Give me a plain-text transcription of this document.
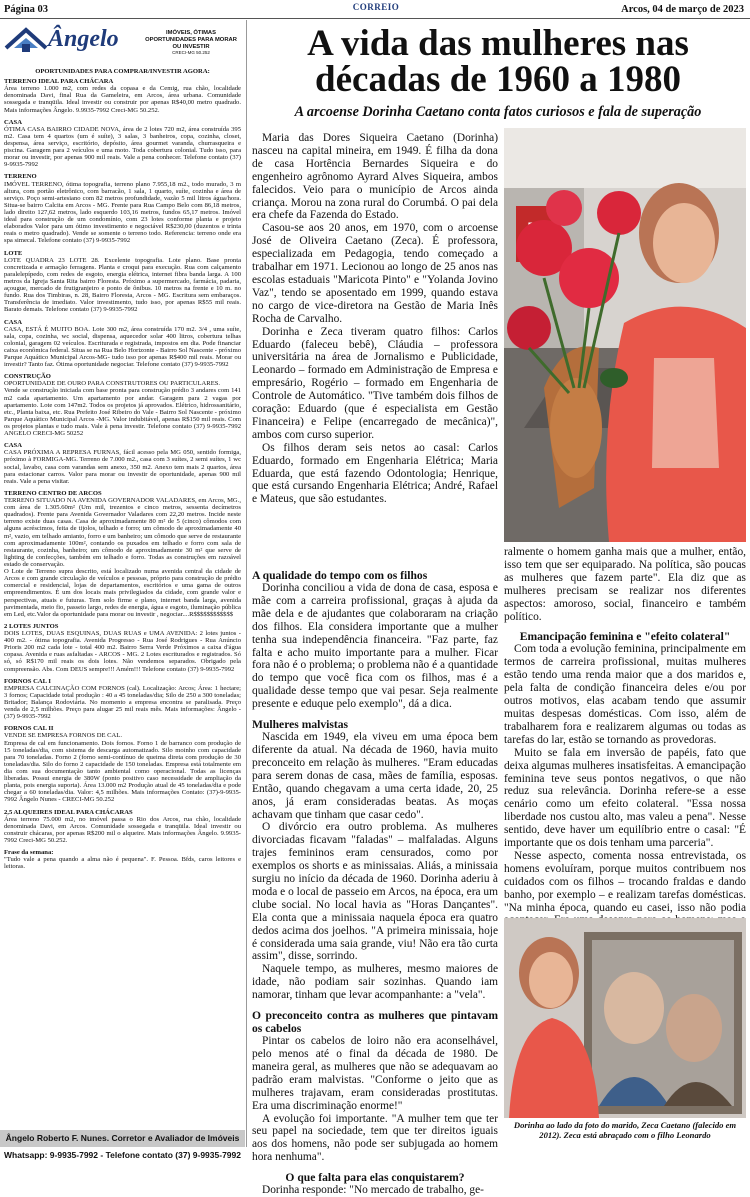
Página 03	CORREIO	Arcos, 04 de março de 2023
Ângelo	IMÓVEIS, ÓTIMAS OPORTUNIDADES PARA MORAR OU INVESTIR
CRECI-MG 50.252
OPORTUNIDADES PARA COMPRAR/INVESTIR AGORA:

TERRENO IDEAL PARA CHÁCARA

Área terreno 1.000 m2, com redes da copasa e da Cemig, rua chão, localidade denominada Davi, final Rua da Gameleira, em Arcos, área urbana. Comunidade sossegada e tranqüila. Ideal investir ou construir por apenas R$40,00 metro quadrado. Mais informações Ângelo. 9.9935-7992 Creci-MG 50.252.

CASA

ÓTIMA CASA BAIRRO CIDADE NOVA, área de 2 lotes 720 m2, área construída 395 m2. Casa tem 4 quartos (um é suíte), 3 salas, 3 banheiros, copa, cozinha, closet, despensa, área serviço, escritório, depósito, área gourmet varanda, churrasqueira e piscina. Garagem para 2 veículos e uma moto. Toda cobertura colonial. Tudo isso, para morar ou investir, por apenas 900 mil reais. Vale a pena conhecer. Telefone contato (37) 9-9935-7992

TERRENO

IMÓVEL TERRENO, ótima topografia, terreno plano 7.955,18 m2., todo murado, 3 m altura, com portão eletrônico, com barracão, 1 sala, 1 quarto, suíte, cozinha e área de serviço. Poço semi-artesiano com 82 metros profundidade, vazão 5 mil litros água/hora. Situa-se bairro Calcita em Arcos - MG. Frente para Rua Campo Belo com 86,18 metros, lado direito 127,62 metros, lado esquerdo 103,16 metros, fundos 65,17 metros. Imóvel ideal para construção de um condomínio, com 23 lotes conforme planta e projeto elaborados Valor para um ótimo investimento e negociável R$230,00 (duzentos e trinta reais o metro quadrado). Vende se somente o terreno todo. Referencia: terreno onde era spa simecal. Telefone contato (37) 9-9935-7992

LOTE

LOTE QUADRA 23 LOTE 28. Excelente topografia. Lote plano. Base pronta concretizada e armação ferragens. Planta e croqui para execução. Rua com calçamento paralelepípedo, com redes de esgoto, energia elétrica, internet fibra banda larga. A 100 metros da Igreja Santa Rita bairro Floresta. Próximo a supermercado, farmácia, padaria, açougue, mercado de frutigranjeiro e ponto de ônibus. 10 metros na frente e 10 m. no fundo. Rua dos Timbiras, n. 28, Bairro Floresta, Arcos - MG. Escritura sem embaraços. Transferência de imediato. Valor investimento, tudo isso, por apenas R$55 mil reais. Barato demais. Telefone contato (37) 9-9935-7992

CASA

CASA, ESTÁ É MUITO BOA. Lote 300 m2, área construída 170 m2. 3/4 , uma suíte, sala, copa, cozinha, wc social, dispensa, aquecedor solar 400 litros, cobertura telhas colonial, garagem 02 veículos. Escriturada e registrada, impostos em dia. Pode financiar caixa econômica federal. Situa se na Rua Belo Horizonte - Bairro Sol Nascente - próximo Parque Aquático Municipal Arcos-MG- tudo isso por apenas R$400 mil reais. Morar ou investir? Tanto faz. Ótima oportunidade negociar. Telefone contato (37) 9-9935-7992

CONSTRUÇÃO

OPORTUNIDADE DE OURO PARA CONSTRUTORES OU PARTICULARES.

Vende se construção iniciada com base pronta para construção prédio 3 andares com 141 m2 cada apartamento. Um apartamento por andar. Garagem para 2 vagas por apartamento. Lote com 147m2. Todos os projetos já aprovados. Elétrico, hidrossanitário, etc., Planta baixa, etc. Rua Prefeito José Ribeiro do Vale - Bairro Sol Nascente - próximo Parque Aquático Municipal Arcos -MG. Valor indubitável, apenas R$150 mil reais. Com os projetos plantas e tudo mais. Vale à pena investir. Telefone contato (37) 9-9935-7992 ANGELO CRECI-MG 50252

CASA

CASA PRÓXIMA A REPRESA FURNAS, fácil acesso pela MG 050, sentido formiga, próximo à FORMIGA-MG. Terreno de 7.000 m2., casa com 3 suítes, 2 semi suítes, 1 wc social, lavabo, casa com varandas sem anexo, 350 m2. Anexo tem mais 2 quartos, área para estacionar carros. Valor para morar ou investir de oportunidade, apenas 900 mil reais. Vale a pena visitar.

TERRENO CENTRO DE ARCOS

TERRENO SITUADO NA AVENIDA GOVERNADOR VALADARES, em Arcos, MG., com área de 1.305.60m² (Um mil, trezentos e cinco metros, sessenta decímetros quadrados). Frente para Avenida Governador Valadares com 22,20 metros. Incide neste terreno existe duas casas. Casa de aproximadamente 80 m² de 5 (cinco) cômodos com alguns acréscimos, feita de tijolos, telhado e forro; um cômodo de aproximadamente 40 m², vazio, em telhado amianto, forro e um banheiro; um cômodo que serve de restaurante com aproximadamente 100m², contando os puxados em telhado e forro com sala de restaurante, cozinha, banheiro; um cômodo de aproximadamente 30 m² que serve de lighting de confecções, também em telhado e forro. Todas as construções em razoável estado de conservação.

O Lote de Terreno supra descrito, está localizado numa avenida central da cidade de Arcos e com grande circulação de veículos e pessoas, próprio para construção de prédio comercial e residencial, lojas de departamentos, escritórios e uma gama de outros empreendimentos. É um dos locais mais privilegiados da cidade, com grande valor e perspectivas, atuais e futuras. Tem solo firme e plano, internet banda larga, avenida pavimentada, meio fio, passeio largo, redes de energia, água e esgoto, iluminação pública em Led, etc.Valor da oportunidade para morar ou investir , negociar....R$$$$$$$$$$$$

2 LOTES JUNTOS

DOIS LOTES, DUAS ESQUINAS, DUAS RUAS e UMA AVENIDA: 2 lotes juntos - 400 m2. - ótima topografia. Avenida Progresso - Rua José Rodrigues - Rua Anúncio Prioris 200 m2 cada lote - total 400 m2. Bairro Serra Verde Próximos a caixa d'água copasa. Avenida e ruas asfaltadas - ARCOS - MG. 2 Lotes escriturados e registrados. Só só, só R$170 mil reais os dois lotes. Não vendemos separados. Obrigado pela compreensão. Abs. Com DEUS sempre!!! Amém!!! Telefone contato (37) 9-9935-7992

FORNOS CAL I

EMPRESA CALCINAÇÃO COM FORNOS (cal). Localização: Arcos; Área: 1 hectare; 3 fornos; Capacidade total produção : 40 a 45 toneladas/dia; Silo de 250 a 300 toneladas; Britador; Balança Rodoviária. No momento a empresa encontra se paralisada. Preço venda de 2,5 milhões. Preço para alugar 25 mil reais mês. Mais informações: Ângelo - (37) 9-9935-7992

FORNOS CAL II

VENDE SE EMPRESA FORNOS DE CAL.

Empresa de cal em funcionamento. Dois fornos. Forno 1 de barranco com produção de 15 toneladas/dia, com sistema de descarga automatizado. Silo moinho com capacidade para 70 toneladas. Forno 2 (forno semi-contínuo de queima direta com produção de 30 toneladas/dia. Silo do forno 2 capacidade de 150 toneladas. Empresa está totalmente em dia com sua documentação tanto ambiental como operacional. Todas as licenças liberadas. Possui energia de 380W (ponto positivo caso necessidade de ampliação da planta, pois energia suporta). Área 13.000 m2 Produção atual de 45 toneladas/dia e pode chegar a 60 toneladas/dia. Valor: 4,5 milhões. Mais informações Contato: (37)-9-9935-7992 Ângelo Nunes - CRECI-MG 50.252

2,5 ALQUEIRES IDEAL PARA CHÁCARAS

Área terreno 75.000 m2, no imóvel passa o Rio dos Arcos, rua chão, localidade denominada Davi, em Arcos. Comunidade sossegada e tranqüila. Ideal investir ou construir chácaras, por apenas R$200 mil o alqueire. Mais informações Ângelo. 9.9935-7992 Creci-MG 50.252.

Frase da semana:

"Tudo vale a pena quando a alma não é pequena". F. Pessoa. Bfds, caros leitores e leitoras.

Ângelo Roberto F. Nunes. Corretor e Avaliador de Imóveis Whatsapp: 9-9935-7992 - Telefone contato (37) 9-9935-7992
A vida das mulheres nas décadas de 1960 a 1980
A arcoense Dorinha Caetano conta fatos curiosos e fala de superação

Maria das Dores Siqueira Caetano (Dorinha) nasceu na capital mineira, em 1949. É filha da dona de casa Hortência Bernardes Siqueira e do engenheiro agrônomo Ayrard Alves Siqueira, ambos falecidos. Veio para o município de Arcos ainda criança. Morou na zona rural do Corumbá. O pai dela era chefe da Fazenda do Estado.

Casou-se aos 20 anos, em 1970, com o arcoense José de Oliveira Caetano (Zeca). É professora, especializada em Pedagogia, tendo começado a trabalhar em 1971. Lecionou ao longo de 25 anos nas escolas estaduais "Maricota Pinto" e "Yolanda Jovino Vaz", tendo se aposentado em 1999, quando estava no cargo de vice-diretora na Gestão de Maria Inês Rocha de Carvalho.

Dorinha e Zeca tiveram quatro filhos: Carlos Eduardo (faleceu bebê), Cláudia – professora universitária na área de Jornalismo e Publicidade, Leonardo – formado em Administração de Empresa e empresário, Rogério – formado em Engenharia de Controle de Automático. "Tive também dois filhos de coração: Eduardo (que é especialista em Gestão Financeira) e Felipe (encarregado de mecânica)", ambos com curso superior.

Os filhos deram seis netos ao casal: Carlos Eduardo, formado em Engenharia Elétrica; Maria Eduarda, que está fazendo Odontologia; Henrique, que está cursando Engenharia Elétrica; André, Rafael e Mateus, que são estudantes.

A qualidade do tempo com os filhos

Dorinha conciliou a vida de dona de casa, esposa e mãe com a carreira profissional, graças à ajuda da mãe dela e de ajudantes que colaboraram na criação dos filhos. Ela considera importante que a mulher tenha sua independência financeira. "Faz parte, faz falta e acho muito importante para a mulher. Ficar fora não é o problema; o problema não é a quantidade do tempo que você fica com os filhos, mas é a qualidade desse tempo que vai pesar. Seja realmente presente e eduque pelo exemplo", dá a dica.

Mulheres malvistas

Nascida em 1949, ela viveu em uma época bem diferente da atual. Na década de 1960, havia muito preconceito em relação às mulheres. "Eram educadas para serem donas de casa, mães de família, esposas. Então, quando chegavam a uma certa idade, 20, 25 anos, já eram consideradas beatas. As moças achavam que tinham que casar cedo".

O divórcio era outro problema. As mulheres divorciadas ficavam "faladas" – malfaladas. Alguns trajes femininos eram censurados, como por exemplos os shorts e as minissaias. Aliás, a minissaia surgiu no início da década de 1960. Dorinha aderiu à moda e o local de passeio em Arcos, na época, era um clube social. No local havia as "Horas Dançantes". Ela conta que a minissaia naquela época era quatro dedos acima dos joelhos. "A primeira minissaia, hoje é considerada uma saia grande, viu! Não era tão curta assim", disse, sorrindo.

Naquele tempo, as mulheres, mesmo maiores de idade, não podiam sair sozinhas. Quando iam namorar, tinham que levar acompanhante: a "vela".

O preconceito contra as mulheres que pintavam os cabelos

Pintar os cabelos de loiro não era aconselhável, pelo menos até o final da década de 1980. De maneira geral, as mulheres que não se adequavam ao padrão eram malvistas. "Conforme o jeito que as mulheres trajavam, eram consideradas prostitutas. Era uma discriminação enorme!"

A evolução foi importante. "A mulher tem que ter seu papel na sociedade, tem que ter direitos iguais aos dos homens, não pode ser subjugada ao homem hora nenhuma".

O que falta para elas conquistarem?

Dorinha responde: "No mercado de trabalho, ge-

ralmente o homem ganha mais que a mulher, então, isso tem que ser equiparado. Na política, são poucas as mulheres que fazem parte". Ela diz que as mulheres precisam se realizar nos diferentes aspectos: amoroso, social, financeiro e também político.

Emancipação feminina e "efeito colateral"

Com toda a evolução feminina, principalmente em termos de carreira profissional, muitas mulheres estão tendo uma renda maior que a dos maridos e, pela falta de condição financeira deles e/ou por outros motivos, elas acabam tendo que assumir muitas despesas domésticas. Com isso, além de trabalharem fora e realizarem algumas ou todas as tarefas do lar, estão se tornando as provedoras.

Muito se fala em inversão de papéis, fato que deixa algumas mulheres insatisfeitas. A emancipação feminina teve seus pontos negativos, o que não reduz sua relevância. Dorinha refere-se a esse cenário como um efeito colateral. "Essa nossa liberdade nos custou alto, mas valeu a pena". Nesse sentido, deve haver um equilíbrio entre o casal: "É importante que os dois tenham uma parceria".

Nesse aspecto, comenta nossa entrevistada, os homens evoluíram, porque muitos contribuem nos cuidados com os filhos – trocando fraldas e dando banho, por exemplo – e realizam tarefas domésticas. "Na minha época, quando eu casei, isso não podia

Dorinha ao lado da foto do marido, Zeca Caetano (falecido em 2012). Zeca está abraçado com o filho Leonardo
